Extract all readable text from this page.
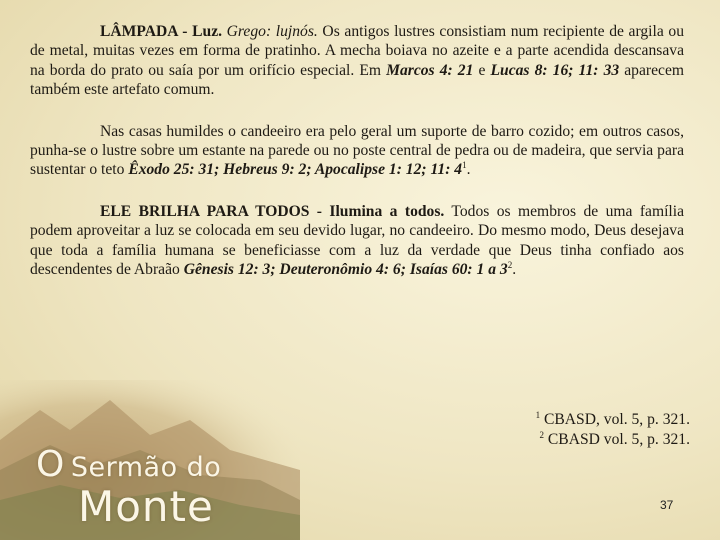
LÂMPADA - Luz. Grego: lujnós. Os antigos lustres consistiam num recipiente de argila ou de metal, muitas vezes em forma de pratinho. A mecha boiava no azeite e a parte acendida descansava na borda do prato ou saía por um orifício especial. Em Marcos 4: 21 e Lucas 8: 16; 11: 33 aparecem também este artefato comum.

Nas casas humildes o candeeiro era pelo geral um suporte de barro cozido; em outros casos, punha-se o lustre sobre um estante na parede ou no poste central de pedra ou de madeira, que servia para sustentar o teto Êxodo 25: 31; Hebreus 9: 2; Apocalipse 1: 12; 11: $4^1$.

ELE BRILHA PARA TODOS - Ilumina a todos. Todos os membros de uma família podem aproveitar a luz se colocada em seu devido lugar, no candeeiro. Do mesmo modo, Deus desejava que toda a família humana se beneficiasse com a luz da verdade que Deus tinha confiado aos descendentes de Abraão Gênesis 12: 3; Deuteronômio 4: 6; Isaías 60: 1 a $3^2$.

$^1$ CBASD, vol. 5, p. 321.
$^2$ CBASD vol. 5, p. 321.
O Sermão do
Monte	37
